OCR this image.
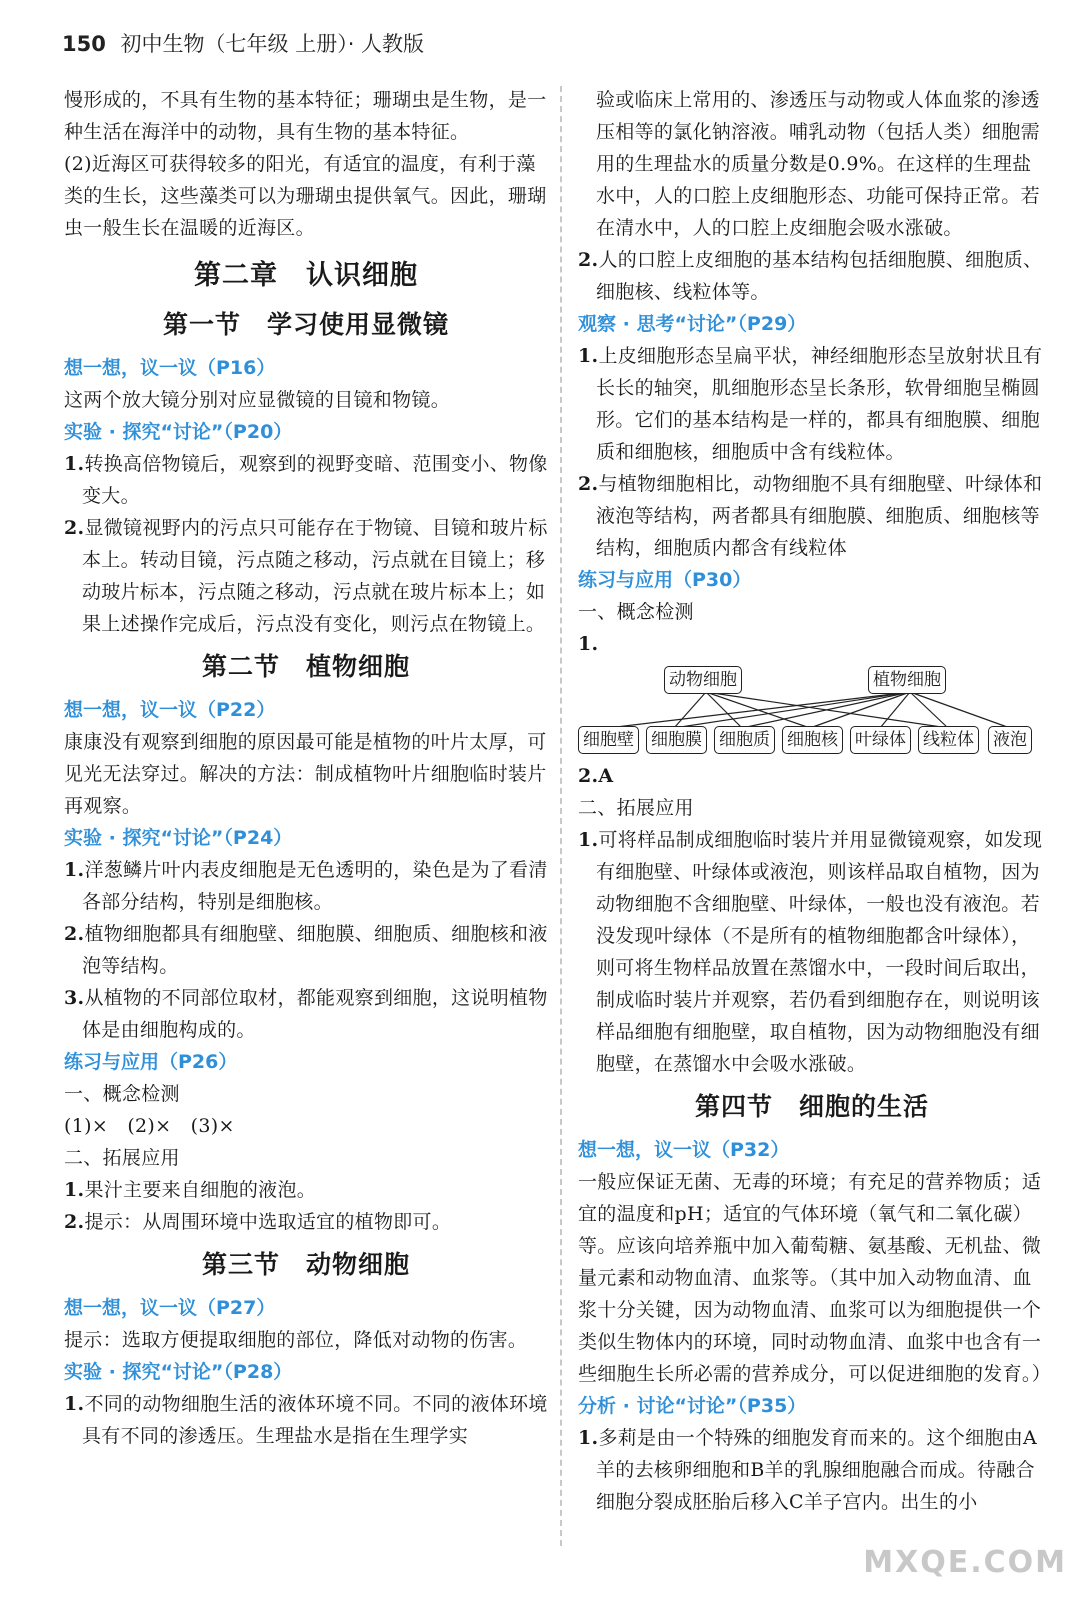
150 初中生物（七年级 上册）· 人教版

慢形成的，不具有生物的基本特征；珊瑚虫是生物，是一种生活在海洋中的动物，具有生物的基本特征。

(2)近海区可获得较多的阳光，有适宜的温度，有利于藻类的生长，这些藻类可以为珊瑚虫提供氧气。因此，珊瑚虫一般生长在温暖的近海区。

第二章　认识细胞
第一节　学习使用显微镜

想一想，议一议（P16）

这两个放大镜分别对应显微镜的目镜和物镜。

实验 · 探究“讨论”（P20）

1.转换高倍物镜后，观察到的视野变暗、范围变小、物像变大。

2.显微镜视野内的污点只可能存在于物镜、目镜和玻片标本上。转动目镜，污点随之移动，污点就在目镜上；移动玻片标本，污点随之移动，污点就在玻片标本上；如果上述操作完成后，污点没有变化，则污点在物镜上。

第二节　植物细胞

想一想，议一议（P22）

康康没有观察到细胞的原因最可能是植物的叶片太厚，可见光无法穿过。解决的方法：制成植物叶片细胞临时装片再观察。

实验 · 探究“讨论”（P24）

1.洋葱鳞片叶内表皮细胞是无色透明的，染色是为了看清各部分结构，特别是细胞核。

2.植物细胞都具有细胞壁、细胞膜、细胞质、细胞核和液泡等结构。

3.从植物的不同部位取材，都能观察到细胞，这说明植物体是由细胞构成的。

练习与应用（P26）

一、概念检测

(1)×　(2)×　(3)×

二、拓展应用

1.果汁主要来自细胞的液泡。

2.提示：从周围环境中选取适宜的植物即可。

第三节　动物细胞

想一想，议一议（P27）

提示：选取方便提取细胞的部位，降低对动物的伤害。

实验 · 探究“讨论”（P28）

1.不同的动物细胞生活的液体环境不同。不同的液体环境具有不同的渗透压。生理盐水是指在生理学实

验或临床上常用的、渗透压与动物或人体血浆的渗透压相等的氯化钠溶液。哺乳动物（包括人类）细胞需用的生理盐水的质量分数是0.9%。在这样的生理盐水中，人的口腔上皮细胞形态、功能可保持正常。若在清水中，人的口腔上皮细胞会吸水涨破。

2.人的口腔上皮细胞的基本结构包括细胞膜、细胞质、细胞核、线粒体等。

观察 · 思考“讨论”（P29）

1.上皮细胞形态呈扁平状，神经细胞形态呈放射状且有长长的轴突，肌细胞形态呈长条形，软骨细胞呈椭圆形。它们的基本结构是一样的，都具有细胞膜、细胞质和细胞核，细胞质中含有线粒体。

2.与植物细胞相比，动物细胞不具有细胞壁、叶绿体和液泡等结构，两者都具有细胞膜、细胞质、细胞核等结构，细胞质内都含有线粒体

练习与应用（P30）

一、概念检测

1.

动物细胞	植物细胞
细胞壁 细胞膜 细胞质 细胞核 叶绿体 线粒体 液泡

2.A

二、拓展应用

1.可将样品制成细胞临时装片并用显微镜观察，如发现有细胞壁、叶绿体或液泡，则该样品取自植物，因为动物细胞不含细胞壁、叶绿体，一般也没有液泡。若没发现叶绿体（不是所有的植物细胞都含叶绿体），则可将生物样品放置在蒸馏水中，一段时间后取出，制成临时装片并观察，若仍看到细胞存在，则说明该样品细胞有细胞壁，取自植物，因为动物细胞没有细胞壁，在蒸馏水中会吸水涨破。

第四节　细胞的生活

想一想，议一议（P32）

一般应保证无菌、无毒的环境；有充足的营养物质；适宜的温度和pH；适宜的气体环境（氧气和二氧化碳）等。应该向培养瓶中加入葡萄糖、氨基酸、无机盐、微量元素和动物血清、血浆等。（其中加入动物血清、血浆十分关键，因为动物血清、血浆可以为细胞提供一个类似生物体内的环境，同时动物血清、血浆中也含有一些细胞生长所必需的营养成分，可以促进细胞的发育。）

分析 · 讨论“讨论”（P35）

1.多莉是由一个特殊的细胞发育而来的。这个细胞由A羊的去核卵细胞和B羊的乳腺细胞融合而成。待融合细胞分裂成胚胎后移入C羊子宫内。出生的小

MXQE.COM
